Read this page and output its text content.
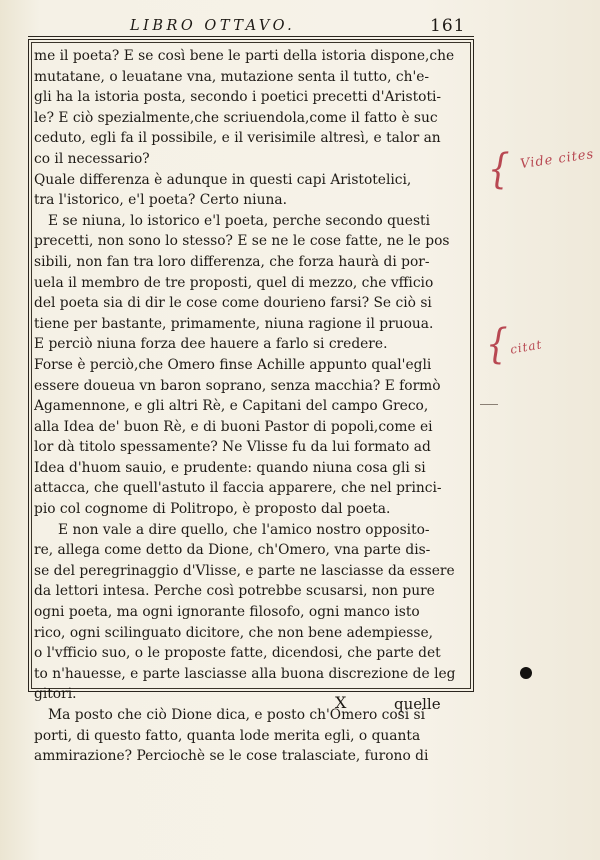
LIBRO OTTAVO.	161
me il poeta? E se così bene le parti della istoria dispone,che
mutatane, o leuatane vna, mutazione senta il tutto, ch'e-
gli ha la istoria posta, secondo i poetici precetti d'Aristoti-
le? E ciò spezialmente,che scriuendola,come il fatto è suc
ceduto, egli fa il possibile, e il verisimile altresì, e talor an
co il necessario?
Quale differenza è adunque in questi capi Aristotelici,
tra l'istorico, e'l poeta? Certo niuna.
E se niuna, lo istorico e'l poeta, perche secondo questi
precetti, non sono lo stesso? E se ne le cose fatte, ne le pos
sibili, non fan tra loro differenza, che forza haurà di por-
uela il membro de tre proposti, quel di mezzo, che vfficio
del poeta sia di dir le cose come dourieno farsi? Se ciò si
tiene per bastante, primamente, niuna ragione il pruoua.
E perciò niuna forza dee hauere a farlo si credere.
Forse è perciò,che Omero finse Achille appunto qual'egli
essere doueua vn baron soprano, senza macchia? E formò
Agamennone, e gli altri Rè, e Capitani del campo Greco,
alla Idea de' buon Rè, e di buoni Pastor di popoli,come ei
lor dà titolo spessamente? Ne Vlisse fu da lui formato ad
Idea d'huom sauio, e prudente: quando niuna cosa gli si
attacca, che quell'astuto il faccia apparere, che nel princi-
pio col cognome di Politropo, è proposto dal poeta.
E non vale a dire quello, che l'amico nostro opposito-
re, allega come detto da Dione, ch'Omero, vna parte dis-
se del peregrinaggio d'Vlisse, e parte ne lasciasse da essere
da lettori intesa. Perche così potrebbe scusarsi, non pure
ogni poeta, ma ogni ignorante filosofo, ogni manco isto
rico, ogni scilinguato dicitore, che non bene adempiesse,
o l'vfficio suo, o le proposte fatte, dicendosi, che parte det
to n'hauesse, e parte lasciasse alla buona discrezione de leg
gitori.
Ma posto che ciò Dione dica, e posto ch'Omero così si
porti, di questo fatto, quanta lode merita egli, o quanta
ammirazione? Perciochè se le cose tralasciate, furono di
X	quelle
{ Vide cites
{ citat
